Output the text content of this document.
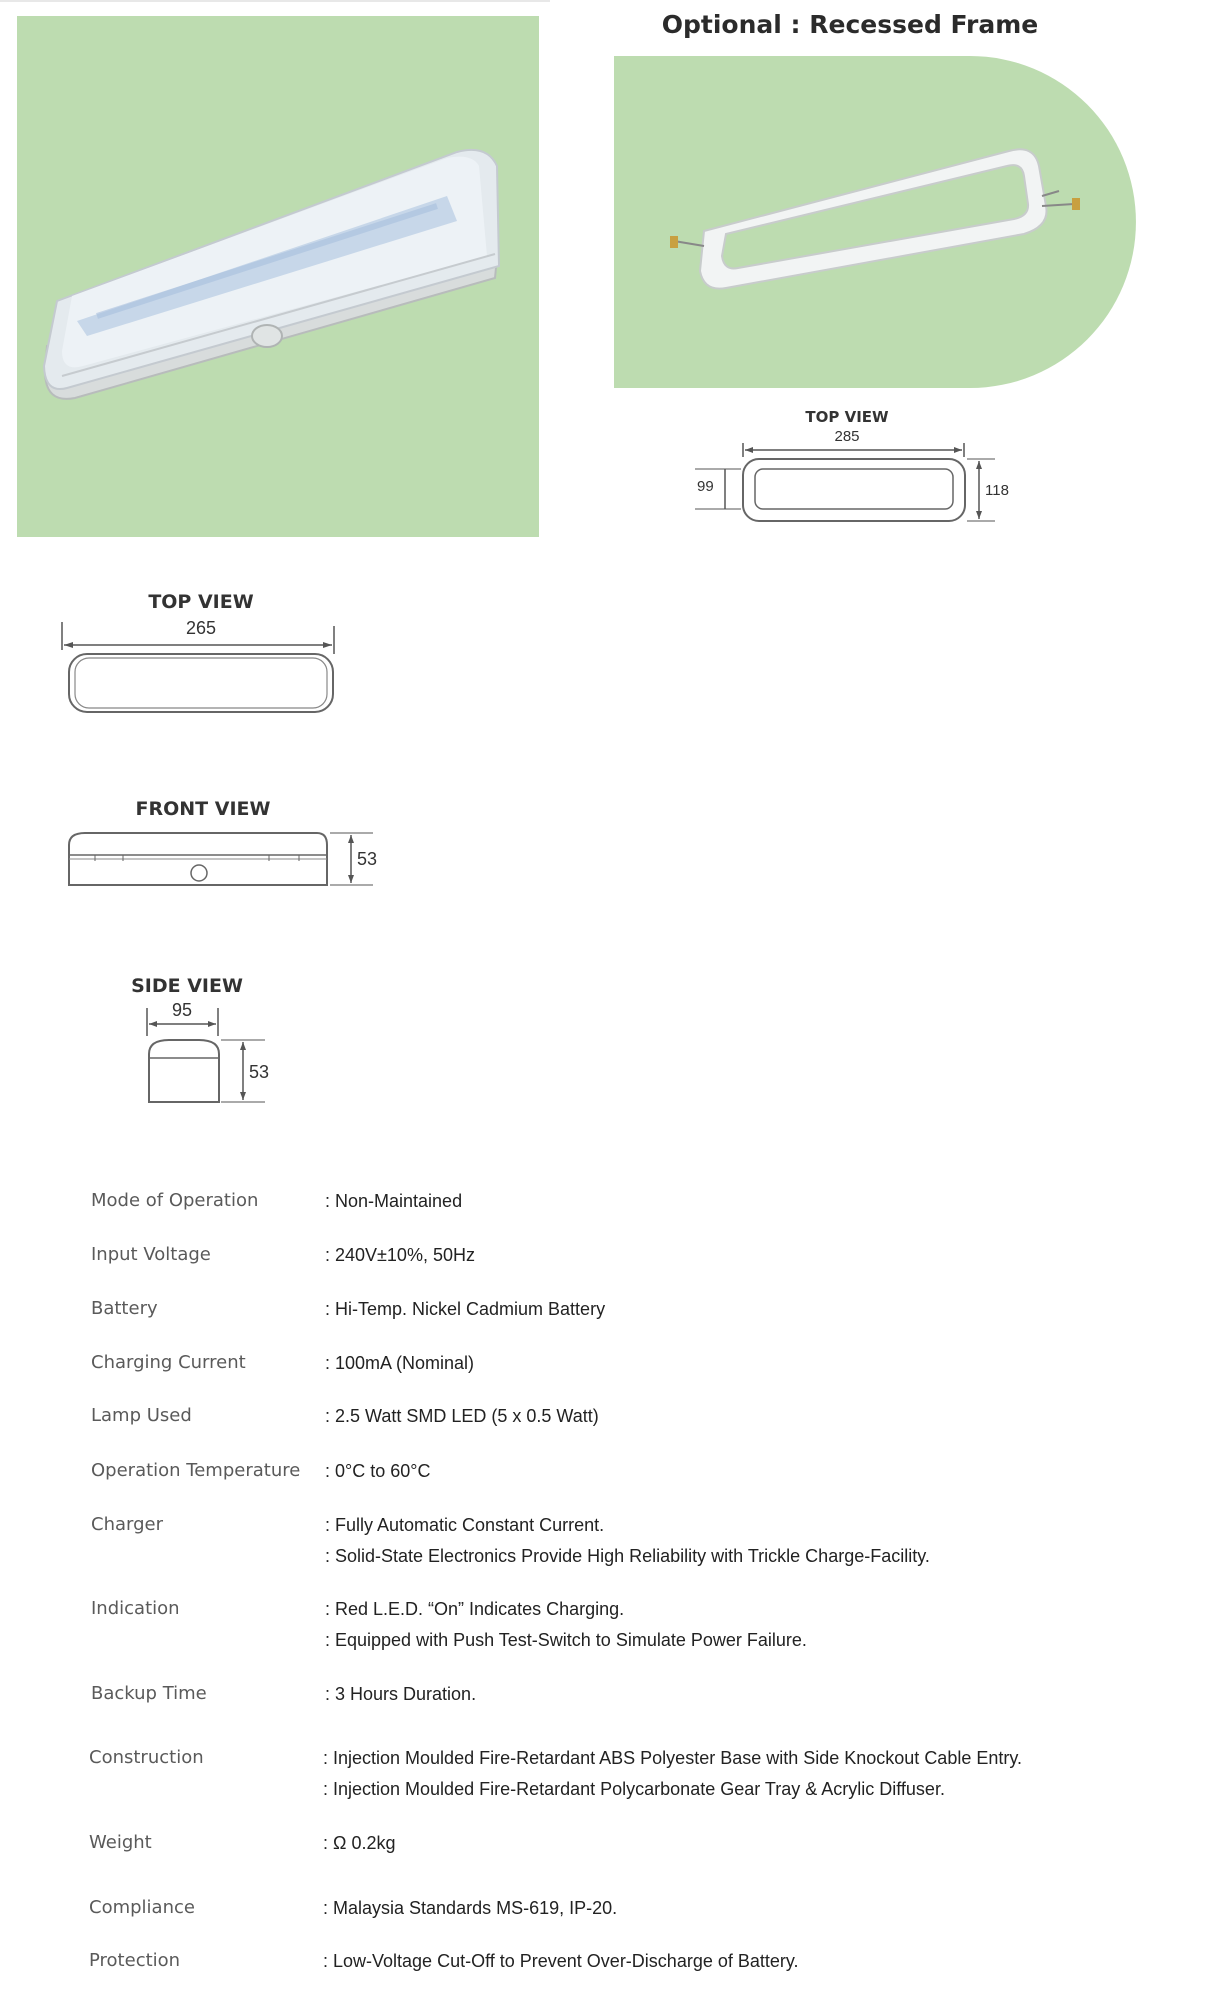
Optional : Recessed Frame
TOP VIEW
285
99	118
TOP VIEW
265
FRONT VIEW
53
SIDE VIEW
95
53
Mode of Operation	: Non-Maintained
Input Voltage	: 240V±10%, 50Hz
Battery	: Hi-Temp. Nickel Cadmium Battery
Charging Current	: 100mA (Nominal)
Lamp Used	: 2.5 Watt SMD LED (5 x 0.5 Watt)
Operation Temperature : 0°C to 60°C
Charger	: Fully Automatic Constant Current.
: Solid-State Electronics Provide High Reliability with Trickle Charge-Facility.
Indication	: Red L.E.D. “On” Indicates Charging.
: Equipped with Push Test-Switch to Simulate Power Failure.
Backup Time	: 3 Hours Duration.
Construction	: Injection Moulded Fire-Retardant ABS Polyester Base with Side Knockout Cable Entry.
: Injection Moulded Fire-Retardant Polycarbonate Gear Tray & Acrylic Diffuser.
Weight	: Ω 0.2kg
Compliance	: Malaysia Standards MS-619, IP-20.
Protection	: Low-Voltage Cut-Off to Prevent Over-Discharge of Battery.
